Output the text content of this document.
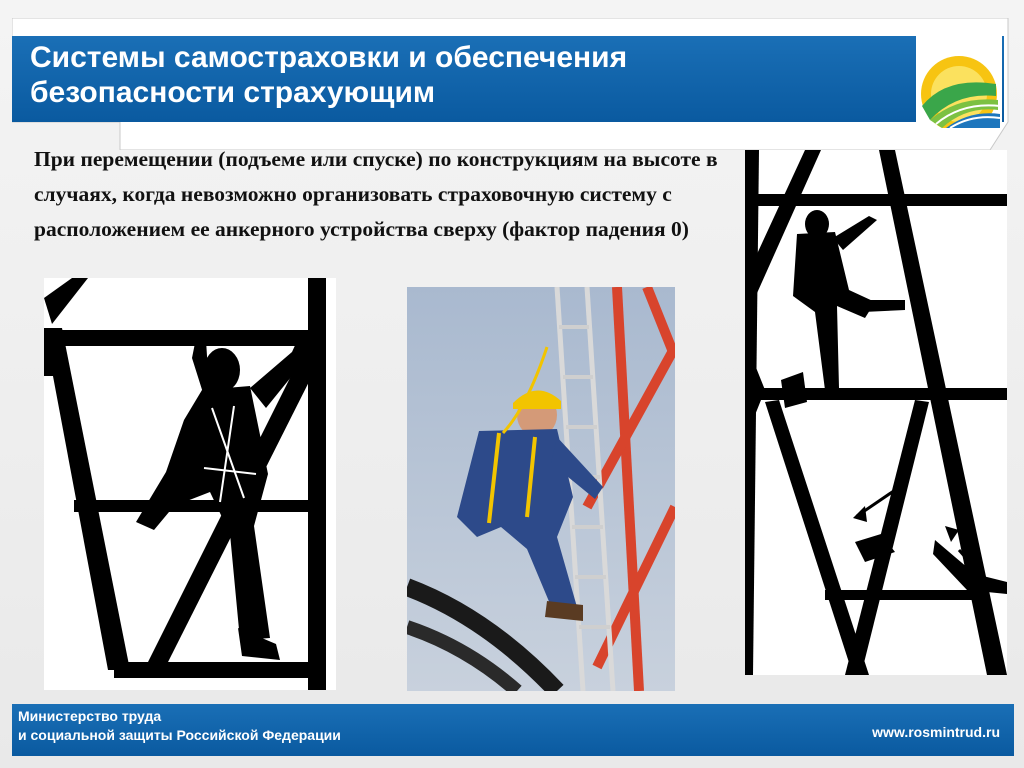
Системы самостраховки и обеспечения
безопасности страхующим
При перемещении (подъеме или спуске) по конструкциям на высоте в случаях, когда невозможно организовать страховочную систему с расположением ее анкерного устройства сверху (фактор падения 0)
Министерство труда
и социальной защиты Российской Федерации	www.rosmintrud.ru
